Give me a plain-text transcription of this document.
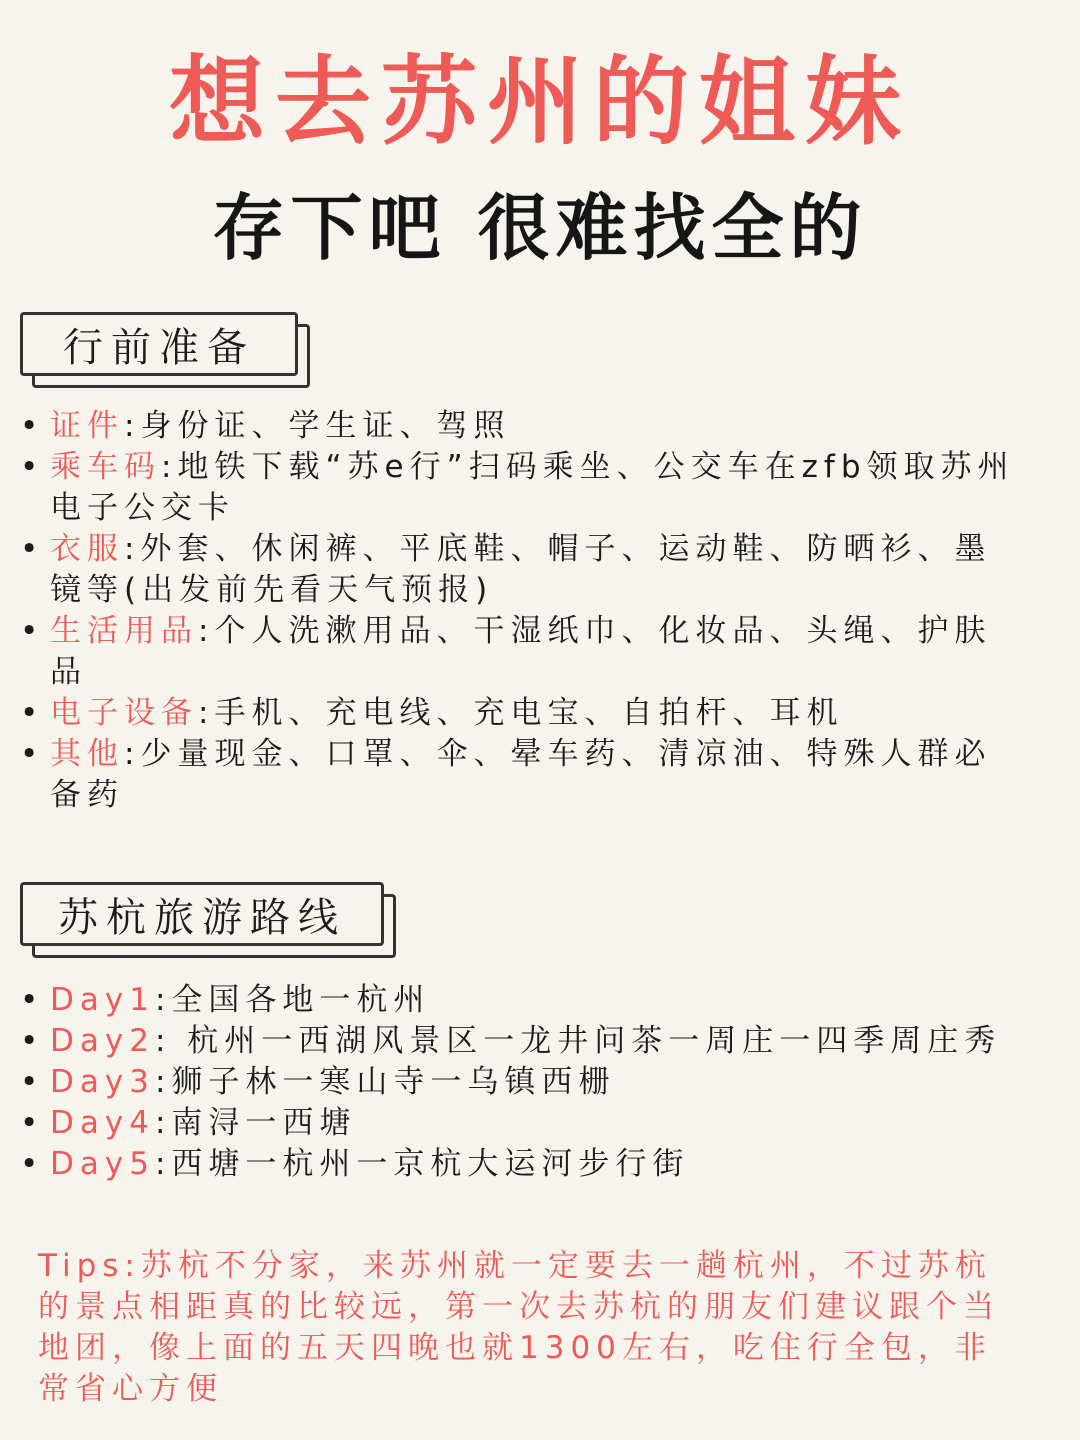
想去苏州的姐妹
存下吧 很难找全的
行前准备
• 证件:身份证、学生证、驾照
• 乘车码:地铁下载“苏e行”扫码乘坐、公交车在zfb领取苏州电子公交卡
• 衣服:外套、休闲裤、平底鞋、帽子、运动鞋、防晒衫、墨镜等(出发前先看天气预报)
• 生活用品:个人洗漱用品、干湿纸巾、化妆品、头绳、护肤品
• 电子设备:手机、充电线、充电宝、自拍杆、耳机
• 其他:少量现金、口罩、伞、晕车药、清凉油、特殊人群必备药
苏杭旅游路线
• Day1:全国各地一杭州
• Day2: 杭州一西湖风景区一龙井问茶一周庄一四季周庄秀
• Day3:狮子林一寒山寺一乌镇西栅
• Day4:南浔一西塘
• Day5:西塘一杭州一京杭大运河步行街

Tips:苏杭不分家，来苏州就一定要去一趟杭州，不过苏杭的景点相距真的比较远，第一次去苏杭的朋友们建议跟个当地团，像上面的五天四晚也就1300左右，吃住行全包，非常省心方便
